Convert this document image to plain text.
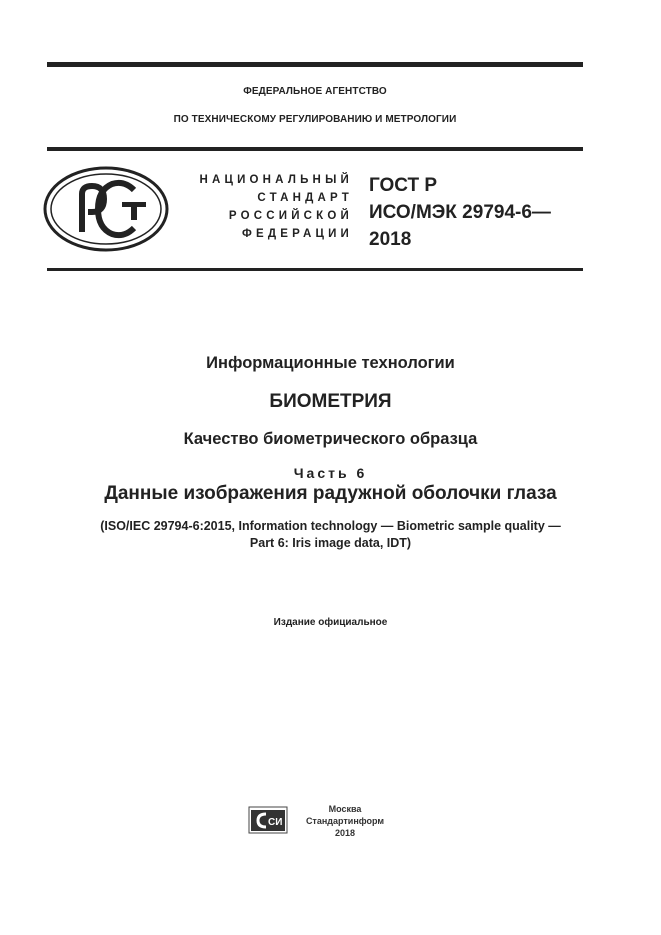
ФЕДЕРАЛЬНОЕ АГЕНТСТВО
ПО ТЕХНИЧЕСКОМУ РЕГУЛИРОВАНИЮ И МЕТРОЛОГИИ
НАЦИОНАЛЬНЫЙ
СТАНДАРТ
РОССИЙСКОЙ
ФЕДЕРАЦИИ
ГОСТ Р
ИСО/МЭК 29794-6—
2018
Информационные технологии
БИОМЕТРИЯ
Качество биометрического образца
Часть 6
Данные изображения радужной оболочки глаза
(ISO/IEC 29794-6:2015, Information technology — Biometric sample quality —
Part 6: Iris image data, IDT)
Издание официальное
СИ
Москва
Стандартинформ
2018
